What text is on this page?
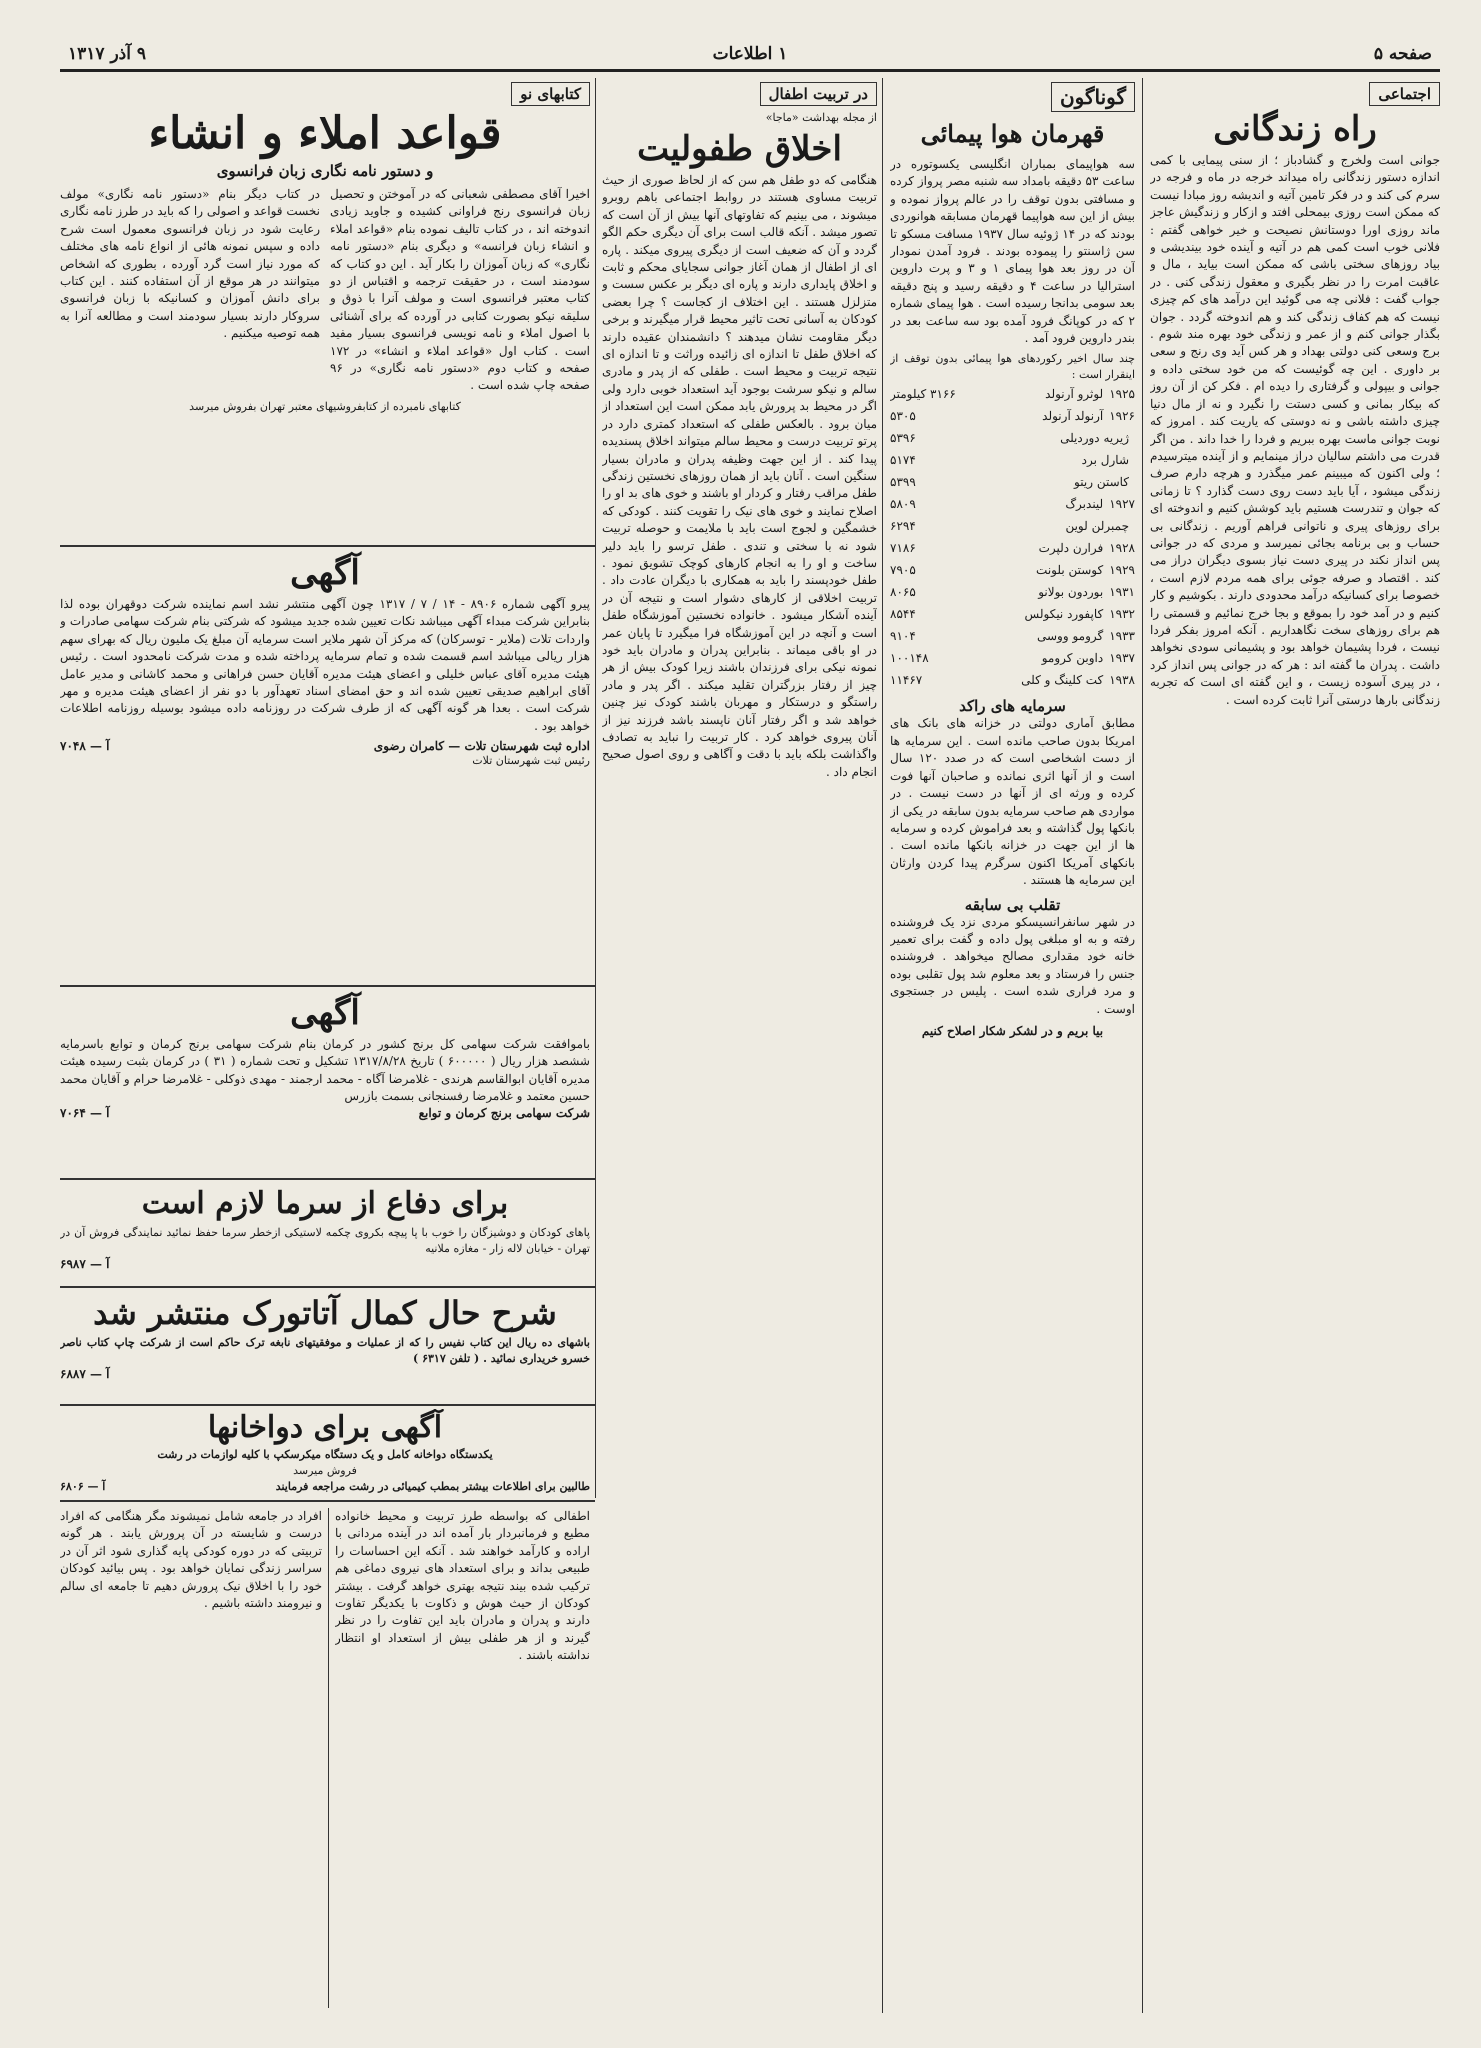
صفحه ۵
۱ اطلاعات
۹ آذر ۱۳۱۷
اجتماعی
راه زندگانی
جوانی است ولخرج و گشادباز ؛ از سنی پیمایی با کمی اندازه دستور زندگانی راه میداند خرجه در ماه و فرجه در سرم کی کند و در فکر تامین آتیه و اندیشه روز مبادا نیست که ممکن است روزی بیمحلی افتد و ازکار و زندگیش عاجز ماند روزی اورا دوستانش نصیحت و خیر خواهی گفتم : فلانی خوب است کمی هم در آتیه و آینده خود بیندیشی و بیاد روزهای سختی باشی که ممکن است بیاید ، مال و عاقبت امرت را در نظر بگیری و معقول زندگی کنی . در جواب گفت : فلانی چه می گوئید این درآمد های کم چیزی نیست که هم کفاف زندگی کند و هم اندوخته گردد . جوان بگذار جوانی کنم و از عمر و زندگی خود بهره مند شوم . برج وسعی کنی دولتی بهداد و هر کس آید وی رنج و سعی بر داوری . این چه گوئیست که من خود سختی داده و جوانی و بیپولی و گرفتاری را دیده ام . فکر کن از آن روز که بیکار بمانی و کسی دستت را نگیرد و نه از مال دنیا چیزی داشته باشی و نه دوستی که یاریت کند . امروز که نوبت جوانی ماست بهره ببریم و فردا را خدا داند . من اگر قدرت می داشتم سالیان دراز مینمایم و از آینده میترسیدم ؛ ولی اکنون که میبینم عمر میگذرد و هرچه دارم صرف زندگی میشود ، آیا باید دست روی دست گذارد ؟ تا زمانی که جوان و تندرست هستیم باید کوشش کنیم و اندوخته ای برای روزهای پیری و ناتوانی فراهم آوریم . زندگانی بی حساب و بی برنامه بجائی نمیرسد و مردی که در جوانی پس انداز نکند در پیری دست نیاز بسوی دیگران دراز می کند . اقتصاد و صرفه جوئی برای همه مردم لازم است ، خصوصا برای کسانیکه درآمد محدودی دارند . بکوشیم و کار کنیم و در آمد خود را بموقع و بجا خرج نمائیم و قسمتی را هم برای روزهای سخت نگاهداریم . آنکه امروز بفکر فردا نیست ، فردا پشیمان خواهد بود و پشیمانی سودی نخواهد داشت . پدران ما گفته اند : هر که در جوانی پس انداز کرد ، در پیری آسوده زیست ، و این گفته ای است که تجربه زندگانی بارها درستی آنرا ثابت کرده است .
گوناگون
قهرمان هوا پیمائی
سه هواپیمای بمباران انگلیسی یکسوتوره در ساعت ۵۳ دقیقه بامداد سه شنبه مصر پرواز کرده و مسافتی بدون توقف را در عالم پرواز نموده و بیش از این سه هواپیما قهرمان مسابقه هوانوردی بودند که در ۱۴ ژوئیه سال ۱۹۳۷ مسافت مسکو تا سن ژاسنتو را پیموده بودند . فرود آمدن نمودار آن در روز بعد هوا پیمای ۱ و ۳ و پرت داروین استرالیا در ساعت ۴ و دقیقه رسید و پنج دقیقه بعد سومی بدانجا رسیده است . هوا پیمای شماره ۲ که در کوپانگ فرود آمده بود سه ساعت بعد در بندر داروین فرود آمد .
چند سال اخیر رکوردهای هوا پیمائی بدون توقف از اینقرار است :
۱۹۲۵
لوثرو آرنولد
۳۱۶۶ کیلومتر
۱۹۲۶
آرنولد آرنولد
۵۳۰۵
ژیریه دوردیلی
۵۳۹۶
شارل برد
۵۱۷۴
کاستن ریتو
۵۳۹۹
۱۹۲۷
لیندبرگ
۵۸۰۹
چمبرلن لوین
۶۲۹۴
۱۹۲۸
فرارن دلپرت
۷۱۸۶
۱۹۲۹
کوستن بلونت
۷۹۰۵
۱۹۳۱
بوردون بولانو
۸۰۶۵
۱۹۳۲
کاپفورد نیکولس
۸۵۴۴
۱۹۳۳
گرومو ووسی
۹۱۰۴
۱۹۳۷
داوبن کرومو
۱۰۰۱۴۸
۱۹۳۸
کت کلینگ و کلی
۱۱۴۶۷
سرمایه های راکد
مطابق آماری دولتی در خزانه های بانک های امریکا بدون صاحب مانده است . این سرمایه ها از دست اشخاصی است که در صدد ۱۲۰ سال است و از آنها اثری نمانده و صاحبان آنها فوت کرده و ورثه ای از آنها در دست نیست . در مواردی هم صاحب سرمایه بدون سابقه در یکی از بانکها پول گذاشته و بعد فراموش کرده و سرمایه ها از این جهت در خزانه بانکها مانده است . بانکهای آمریکا اکنون سرگرم پیدا کردن وارثان این سرمایه ها هستند .
تقلب بی سابقه
در شهر سانفرانسیسکو مردی نزد یک فروشنده رفته و به او مبلغی پول داده و گفت برای تعمیر خانه خود مقداری مصالح میخواهد . فروشنده جنس را فرستاد و بعد معلوم شد پول تقلبی بوده و مرد فراری شده است . پلیس در جستجوی اوست .
بیا بریم و در لشکر شکار اصلاح کنیم
در تربیت اطفال
از مجله بهداشت «ماجا»
اخلاق طفولیت
هنگامی که دو طفل هم سن که از لحاظ صوری از حیث تربیت مساوی هستند در روابط اجتماعی باهم روبرو میشوند ، می بینیم که تفاوتهای آنها بیش از آن است که تصور میشد . آنکه قالب است برای آن دیگری حکم الگو گردد و آن که ضعیف است از دیگری پیروی میکند . پاره ای از اطفال از همان آغاز جوانی سجایای محکم و ثابت و اخلاق پایداری دارند و پاره ای دیگر بر عکس سست و متزلزل هستند . این اختلاف از کجاست ؟ چرا بعضی کودکان به آسانی تحت تاثیر محیط قرار میگیرند و برخی دیگر مقاومت نشان میدهند ؟ دانشمندان عقیده دارند که اخلاق طفل تا اندازه ای زائیده وراثت و تا اندازه ای نتیجه تربیت و محیط است . طفلی که از پدر و مادری سالم و نیکو سرشت بوجود آید استعداد خوبی دارد ولی اگر در محیط بد پرورش یابد ممکن است این استعداد از میان برود . بالعکس طفلی که استعداد کمتری دارد در پرتو تربیت درست و محیط سالم میتواند اخلاق پسندیده پیدا کند . از این جهت وظیفه پدران و مادران بسیار سنگین است . آنان باید از همان روزهای نخستین زندگی طفل مراقب رفتار و کردار او باشند و خوی های بد او را اصلاح نمایند و خوی های نیک را تقویت کنند . کودکی که خشمگین و لجوج است باید با ملایمت و حوصله تربیت شود نه با سختی و تندی . طفل ترسو را باید دلیر ساخت و او را به انجام کارهای کوچک تشویق نمود . طفل خودپسند را باید به همکاری با دیگران عادت داد . تربیت اخلاقی از کارهای دشوار است و نتیجه آن در آینده آشکار میشود . خانواده نخستین آموزشگاه طفل است و آنچه در این آموزشگاه فرا میگیرد تا پایان عمر در او باقی میماند . بنابراین پدران و مادران باید خود نمونه نیکی برای فرزندان باشند زیرا کودک بیش از هر چیز از رفتار بزرگتران تقلید میکند . اگر پدر و مادر راستگو و درستکار و مهربان باشند کودک نیز چنین خواهد شد و اگر رفتار آنان ناپسند باشد فرزند نیز از آنان پیروی خواهد کرد . کار تربیت را نباید به تصادف واگذاشت بلکه باید با دقت و آگاهی و روی اصول صحیح انجام داد .
اطفالی که بواسطه طرز تربیت و محیط خانواده مطیع و فرمانبردار بار آمده اند در آینده مردانی با اراده و کارآمد خواهند شد . آنکه این احساسات را طبیعی بداند و برای استعداد های نیروی دماغی هم ترکیب شده بیند نتیجه بهتری خواهد گرفت . بیشتر کودکان از حیث هوش و ذکاوت با یکدیگر تفاوت دارند و پدران و مادران باید این تفاوت را در نظر گیرند و از هر طفلی بیش از استعداد او انتظار نداشته باشند .
افراد در جامعه شامل نمیشوند مگر هنگامی که افراد درست و شایسته در آن پرورش یابند . هر گونه تربیتی که در دوره کودکی پایه گذاری شود اثر آن در سراسر زندگی نمایان خواهد بود . پس بیائید کودکان خود را با اخلاق نیک پرورش دهیم تا جامعه ای سالم و نیرومند داشته باشیم .
کتابهای نو
قواعد املاء و انشاء
و دستور نامه نگاری زبان فرانسوی
اخیرا آقای مصطفی شعبانی که در آموختن و تحصیل زبان فرانسوی رنج فراوانی کشیده و جاوید زیادی اندوخته اند ، در کتاب تالیف نموده بنام «قواعد املاء و انشاء زبان فرانسه» و دیگری بنام «دستور نامه نگاری» که زبان آموزان را بکار آید . این دو کتاب که سودمند است ، در حقیقت ترجمه و اقتباس از دو کتاب معتبر فرانسوی است و مولف آنرا با ذوق و سلیقه نیکو بصورت کتابی در آورده که برای آشنائی با اصول املاء و نامه نویسی فرانسوی بسیار مفید است . کتاب اول «قواعد املاء و انشاء» در ۱۷۲ صفحه و کتاب دوم «دستور نامه نگاری» در ۹۶ صفحه چاپ شده است .
در کتاب دیگر بنام «دستور نامه نگاری» مولف نخست قواعد و اصولی را که باید در طرز نامه نگاری رعایت شود در زبان فرانسوی معمول است شرح داده و سپس نمونه هائی از انواع نامه های مختلف که مورد نیاز است گرد آورده ، بطوری که اشخاص میتوانند در هر موقع از آن استفاده کنند . این کتاب برای دانش آموزان و کسانیکه با زبان فرانسوی سروکار دارند بسیار سودمند است و مطالعه آنرا به همه توصیه میکنیم .
کتابهای نامبرده از کتابفروشیهای معتبر تهران بفروش میرسد
آگهی
پیرو آگهی شماره ۸۹۰۶ - ۱۴ / ۷ / ۱۳۱۷ چون آگهی منتشر نشد اسم نماینده شرکت دوقهران بوده لذا بنابراین شرکت مبداء آگهی میباشد نکات تعیین شده جدید میشود که شرکتی بنام شرکت سهامی صادرات و واردات تلات (ملایر - توسرکان) که مرکز آن شهر ملایر است سرمایه آن مبلغ یک ملیون ریال که بهرای سهم هزار ریالی میباشد اسم قسمت شده و تمام سرمایه پرداخته شده و مدت شرکت نامحدود است . رئیس هیئت مدیره آقای عباس خلیلی و اعضای هیئت مدیره آقایان حسن فراهانی و محمد کاشانی و مدیر عامل آقای ابراهیم صدیقی تعیین شده اند و حق امضای اسناد تعهدآور با دو نفر از اعضای هیئت مدیره و مهر شرکت است . بعدا هر گونه آگهی که از طرف شرکت در روزنامه داده میشود بوسیله روزنامه اطلاعات خواهد بود .
اداره ثبت شهرستان تلات — کامران رضوی
آ — ۷۰۴۸
رئیس ثبت شهرستان تلات
آگهی
باموافقت شرکت سهامی کل برنج کشور در کرمان بنام شرکت سهامی برنج کرمان و توابع باسرمایه ششصد هزار ریال ( ۶۰۰۰۰۰ ) تاریخ ۱۳۱۷/۸/۲۸ تشکیل و تحت شماره ( ۳۱ ) در کرمان بثبت رسیده هیئت مدیره آقایان ابوالقاسم هرندی - غلامرضا آگاه - محمد ارجمند - مهدی ذوکلی - غلامرضا حرام و آقایان محمد حسین معتمد و غلامرضا رفسنجانی بسمت بازرس
شرکت سهامی برنج کرمان و توابع
آ — ۷۰۶۴
برای دفاع از سرما لازم است
پاهای کودکان و دوشیزگان را خوب با پا پیچه بکروی چکمه لاستیکی ازخطر سرما حفظ نمائید نمایندگی فروش آن در تهران - خیابان لاله زار - مغازه ملانیه
آ — ۶۹۸۷
شرح حال کمال آتاتورک منتشر شد
باشهای ده ریال این کتاب نفیس را که از عملیات و موفقیتهای نابغه ترک حاکم است از شرکت چاپ کتاب ناصر خسرو خریداری نمائید . ( تلفن ۶۳۱۷ )
آ — ۶۸۸۷
آگهی برای دواخانها
یکدستگاه دواخانه کامل و یک دستگاه میکرسکپ با کلیه لوازمات در رشت
فروش میرسد
طالبین برای اطلاعات بیشتر بمطب کیمیائی در رشت مراجعه فرمایند
آ — ۶۸۰۶
